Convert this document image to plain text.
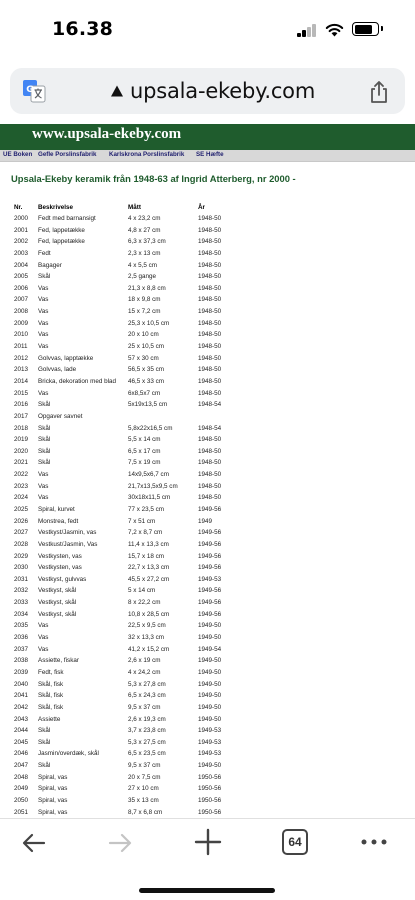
16.38
G	upsala-ekeby.com
www.upsala-ekeby.com
UE Boken Gefle Porslinsfabrik Karlskrona Porslinsfabrik SE Hæfte
Upsala-Ekeby keramik från 1948-63 af Ingrid Atterberg, nr 2000 -
Nr. Beskrivelse	Mått	År
2000 Fedt med barnansigt	4 x 23,2 cm	1948-50
2001 Fed, lappetække	4,8 x 27 cm	1948-50
2002 Fed, lappetække	6,3 x 37,3 cm	1948-50
2003 Fedt	2,3 x 13 cm	1948-50
2004 Bagager	4 x 5,5 cm	1948-50
2005 Skål	2,5 gange	1948-50
2006 Vas	21,3 x 8,8 cm	1948-50
2007 Vas	18 x 9,8 cm	1948-50
2008 Vas	15 x 7,2 cm	1948-50
2009 Vas	25,3 x 10,5 cm	1948-50
2010 Vas	20 x 10 cm	1948-50
2011 Vas	25 x 10,5 cm	1948-50
2012 Golvvas, lapptække	57 x 30 cm	1948-50
2013 Golvvas, lade	56,5 x 35 cm	1948-50
2014 Bricka, dekoration med blad 46,5 x 33 cm	1948-50
2015 Vas	6x8,5x7 cm	1948-50
2016 Skål	5x19x13,5 cm	1948-54
2017 Opgaver savnet
2018 Skål	5,8x22x16,5 cm	1948-54
2019 Skål	5,5 x 14 cm	1948-50
2020 Skål	6,5 x 17 cm	1948-50
2021 Skål	7,5 x 19 cm	1948-50
2022 Vas	14x9,5x6,7 cm	1948-50
2023 Vas	21,7x13,5x9,5 cm	1948-50
2024 Vas	30x18x11,5 cm	1948-50
2025 Spiral, kurvet	77 x 23,5 cm	1949-56
2026 Monstrea, fedt	7 x 51 cm	1949
2027 Vestkyst/Jasmin, vas	7,2 x 8,7 cm	1949-56
2028 Vestkust/Jasmin, Vas	11,4 x 13,3 cm	1949-56
2029 Vestkysten, vas	15,7 x 18 cm	1949-56
2030 Vestkysten, vas	22,7 x 13,3 cm	1949-56
2031 Vestkyst, gulvvas	45,5 x 27,2 cm	1949-53
2032 Vestkyst, skål	5 x 14 cm	1949-56
2033 Vestkyst, skål	8 x 22,2 cm	1949-56
2034 Vestkyst, skål	10,8 x 28,5 cm	1949-56
2035 Vas	22,5 x 9,5 cm	1949-50
2036 Vas	32 x 13,3 cm	1949-50
2037 Vas	41,2 x 15,2 cm	1949-54
2038 Assiette, fiskar	2,6 x 19 cm	1949-50
2039 Fedt, fisk	4 x 24,2 cm	1949-50
2040 Skål, fisk	5,3 x 27,8 cm	1949-50
2041 Skål, fisk	6,5 x 24,3 cm	1949-50
2042 Skål, fisk	9,5 x 37 cm	1949-50
2043 Assiette	2,6 x 19,3 cm	1949-50
2044 Skål	3,7 x 23,8 cm	1949-53
2045 Skål	5,3 x 27,5 cm	1949-53
2046 Jasmin/overdæk, skål	6,5 x 23,5 cm	1949-53
2047 Skål	9,5 x 37 cm	1949-50
2048 Spiral, vas	20 x 7,5 cm	1950-56
2049 Spiral, vas	27 x 10 cm	1950-56
2050 Spiral, vas	35 x 13 cm	1950-56
2051 Spiral, vas	8,7 x 6,8 cm	1950-56
64
